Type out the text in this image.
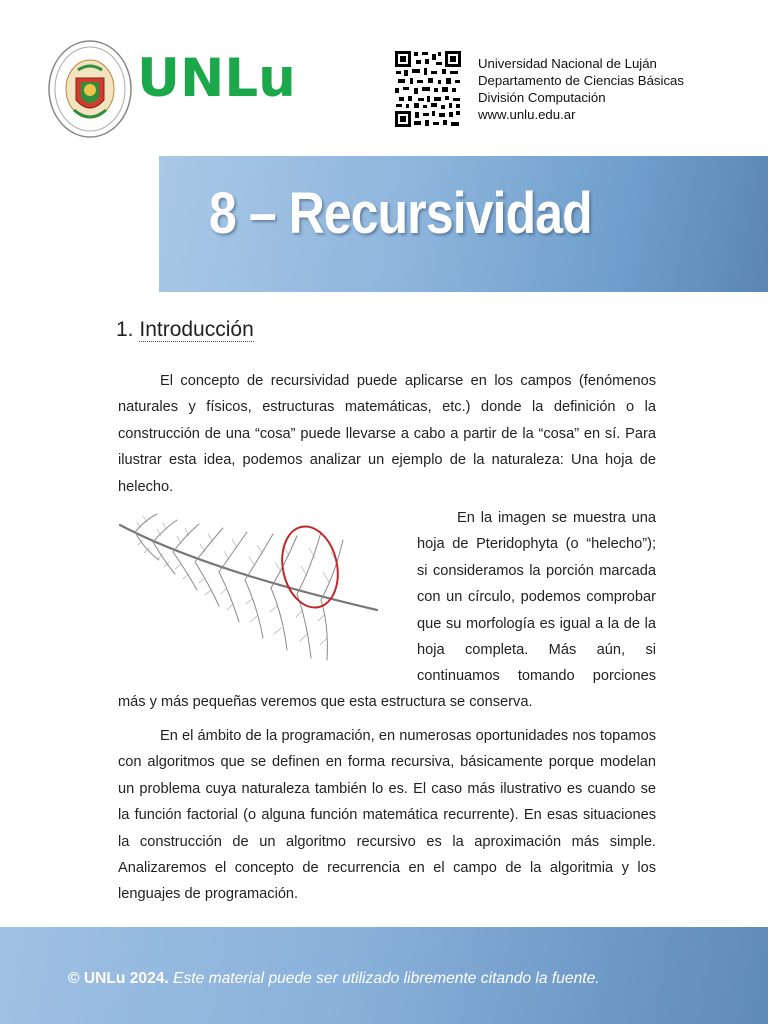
UNLu	Universidad Nacional de Luján
Departamento de Ciencias Básicas
División Computación
www.unlu.edu.ar
8 – Recursividad
1. Introducción
El concepto de recursividad puede aplicarse en los campos (fenómenos naturales y físicos, estructuras matemáticas, etc.) donde la definición o la construcción de una “cosa” puede llevarse a cabo a partir de la “cosa” en sí. Para ilustrar esta idea, podemos analizar un ejemplo de la naturaleza: Una hoja de helecho.
En la imagen se muestra una hoja de Pteridophyta (o “helecho”); si consideramos la porción marcada con un círculo, podemos comprobar que su morfología es igual a la de la hoja completa. Más aún, si continuamos tomando porciones
más y más pequeñas veremos que esta estructura se conserva.
En el ámbito de la programación, en numerosas oportunidades nos topamos con algoritmos que se definen en forma recursiva, básicamente porque modelan un problema cuya naturaleza también lo es. El caso más ilustrativo es cuando se la función factorial (o alguna función matemática recurrente). En esas situaciones la construcción de un algoritmo recursivo es la aproximación más simple. Analizaremos el concepto de recurrencia en el campo de la algoritmia y los lenguajes de programación.
© UNLu 2024. Este material puede ser utilizado libremente citando la fuente.
